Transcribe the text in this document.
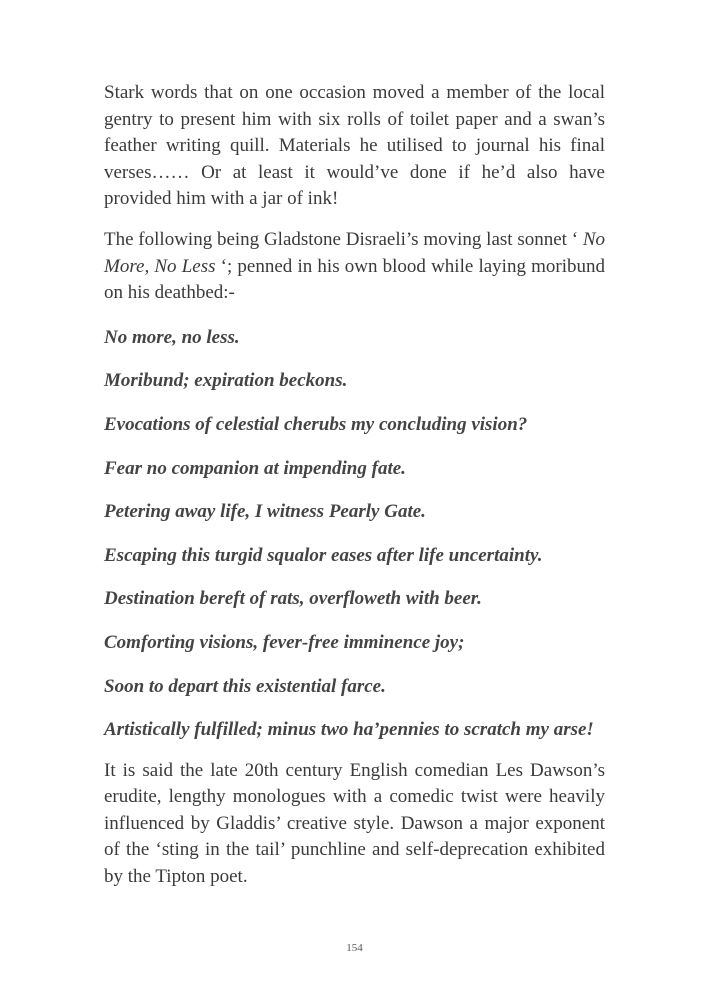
Stark words that on one occasion moved a member of the local gentry to present him with six rolls of toilet paper and a swan’s feather writing quill. Materials he utilised to journal his final verses…… Or at least it would’ve done if he’d also have provided him with a jar of ink!

The following being Gladstone Disraeli’s moving last sonnet ‘ No More, No Less ‘; penned in his own blood while laying moribund on his deathbed:-

No more, no less.

Moribund; expiration beckons.

Evocations of celestial cherubs my concluding vision?

Fear no companion at impending fate.

Petering away life, I witness Pearly Gate.

Escaping this turgid squalor eases after life uncertainty.

Destination bereft of rats, overfloweth with beer.

Comforting visions, fever-free imminence joy;

Soon to depart this existential farce.

Artistically fulfilled; minus two ha’pennies to scratch my arse!

It is said the late 20th century English comedian Les Dawson’s erudite, lengthy monologues with a comedic twist were heavily influenced by Gladdis’ creative style. Dawson a major exponent of the ‘sting in the tail’ punchline and self-deprecation exhibited by the Tipton poet.

154
